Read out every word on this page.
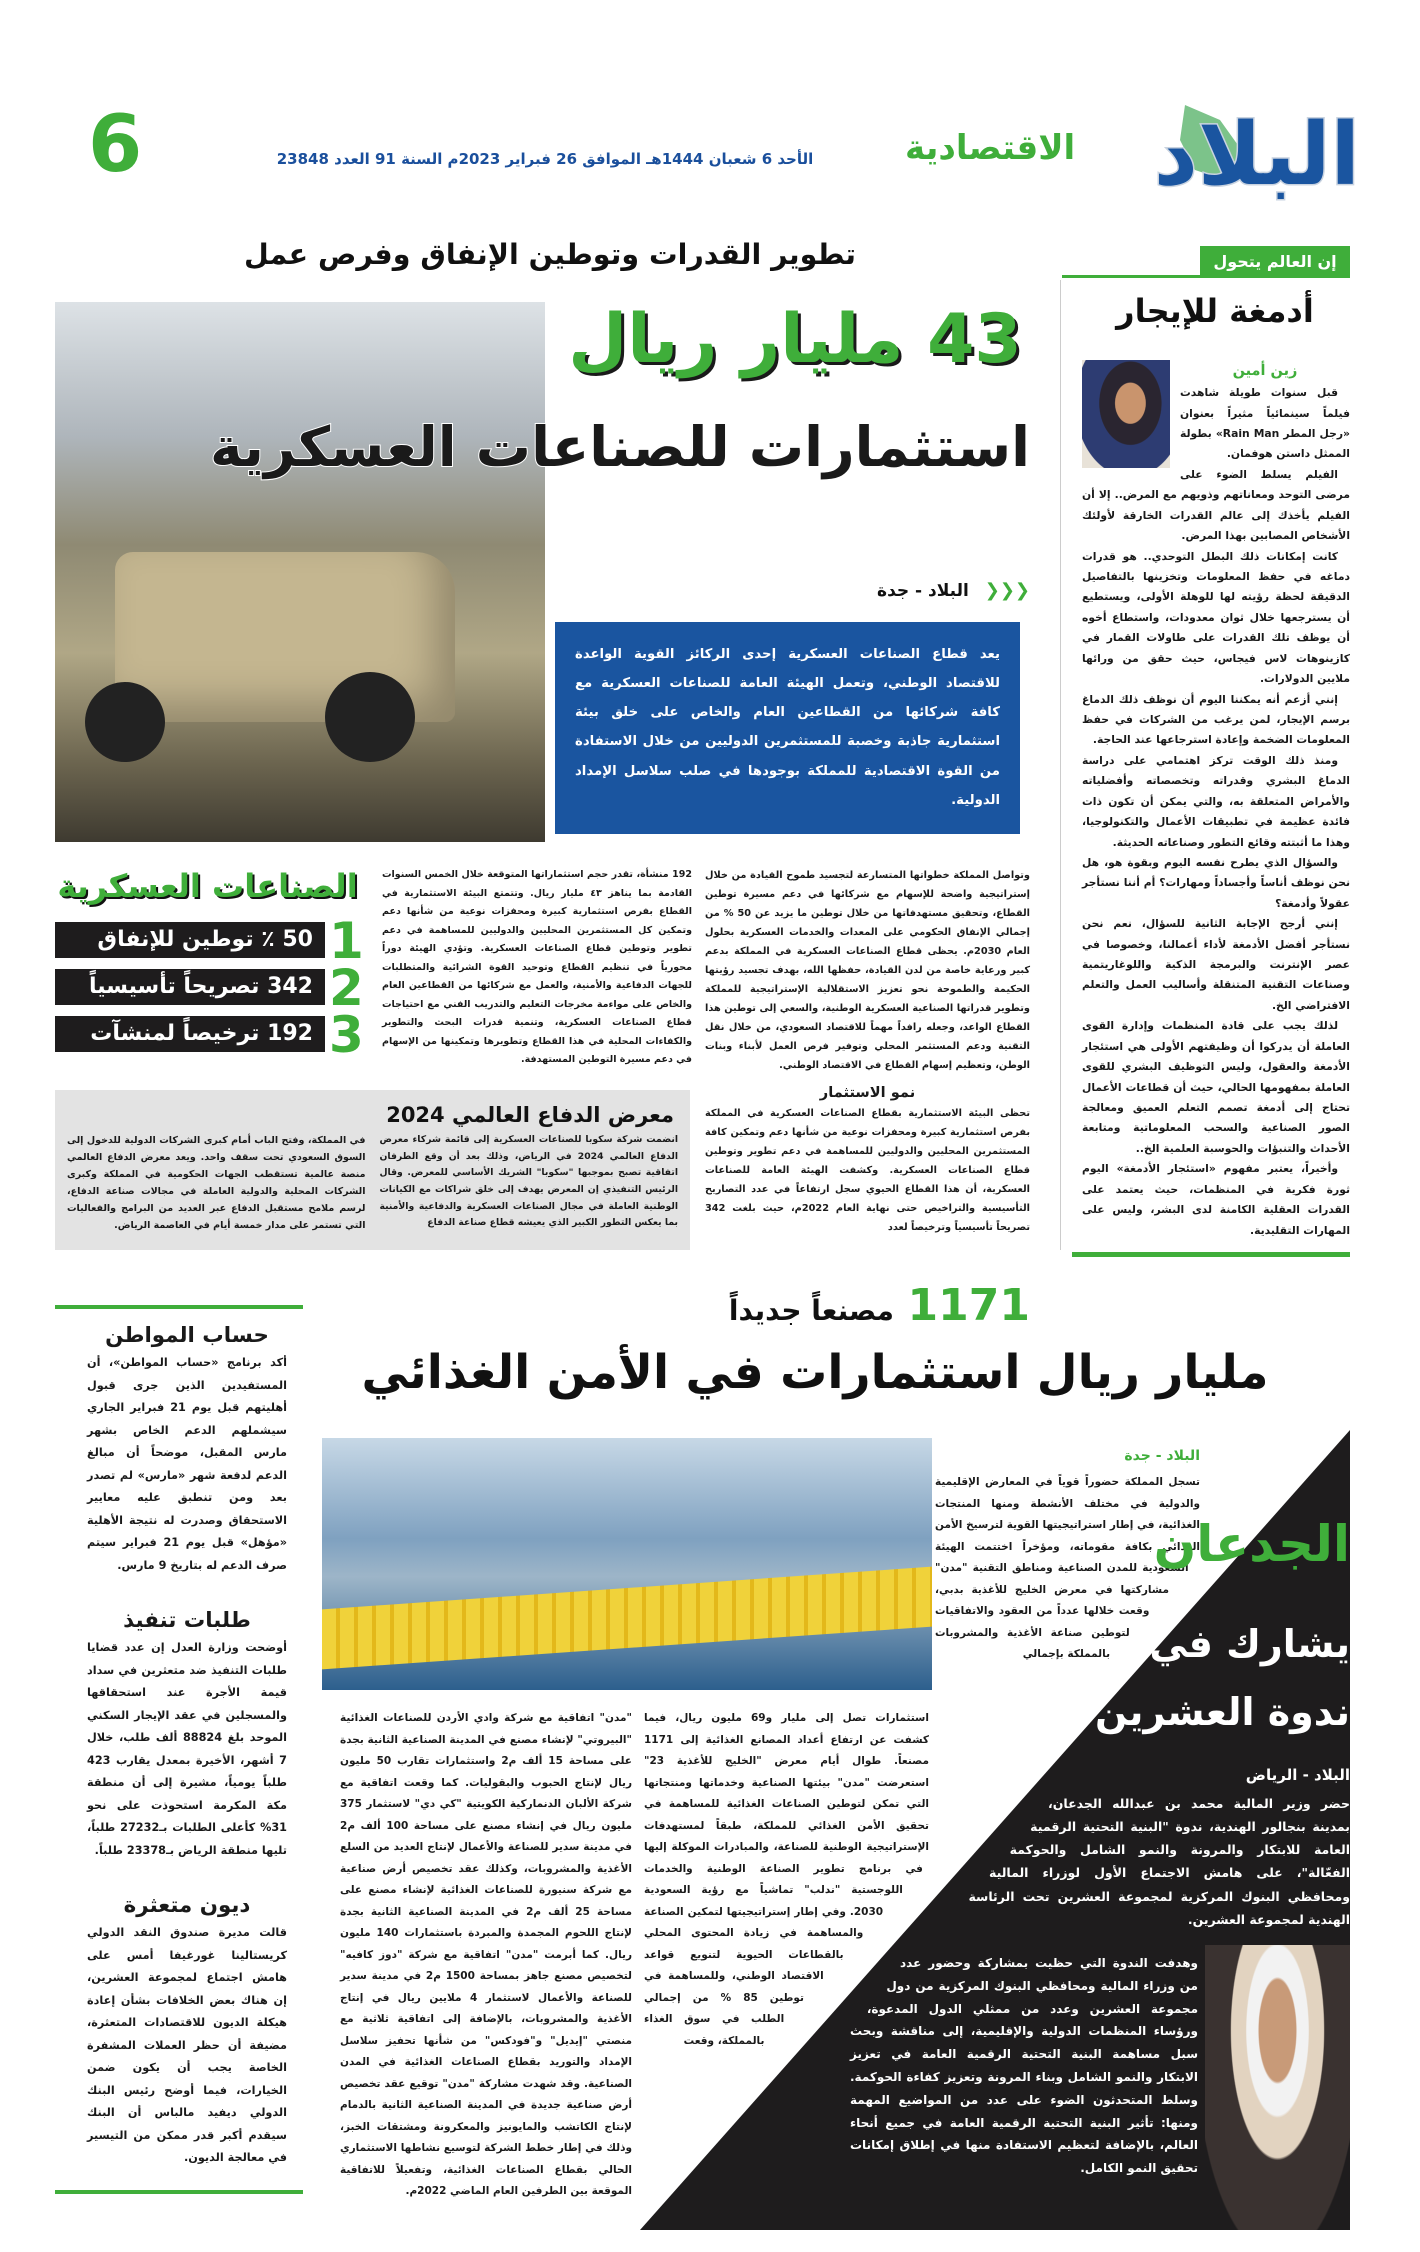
البلاد
الاقتصادية
الأحد 6 شعبان 1444هـ الموافق 26 فبراير 2023م السنة 91 العدد 23848
6
إن العالم يتحول
أدمغة للإيجار

زين أمين

قبل سنوات طويلة شاهدت فيلماً سينمائياً مثيراً بعنوان «رجل المطر Rain Man» بطولة الممثل داستن هوفمان.

الفيلم يسلط الضوء على مرضى التوحد ومعاناتهم وذويهم مع المرض.. إلا أن الفيلم يأخذك إلى عالم القدرات الخارقة لأولئك الأشخاص المصابين بهذا المرض.

كانت إمكانات ذلك البطل التوحدي.. هو قدرات دماغه في حفظ المعلومات وتخزينها بالتفاصيل الدقيقة لحظة رؤيته لها للوهلة الأولى، ويستطيع أن يسترجعها خلال ثوان معدودات، واستطاع أخوه أن يوظف تلك القدرات على طاولات القمار في كازينوهات لاس فيجاس، حيث حقق من ورائها ملايين الدولارات.

إنني أزعم أنه يمكننا اليوم أن نوظف ذلك الدماغ برسم الإيجار، لمن يرغب من الشركات في حفظ المعلومات الضخمة وإعادة استرجاعها عند الحاجة.

ومنذ ذلك الوقت تركز اهتمامي على دراسة الدماغ البشري وقدراته وتخصصاته وأفضلياته والأمراض المتعلقة به، والتي يمكن أن تكون ذات فائدة عظيمة في تطبيقات الأعمال والتكنولوجيا، وهذا ما أثبتته وقائع التطور وصناعاته الحديثة.

والسؤال الذي يطرح نفسه اليوم وبقوة هو، هل نحن نوظف أناساً وأجساداً ومهارات؟ أم أننا نستأجر عقولاً وأدمغة؟

إنني أرجح الإجابة الثانية للسؤال، نعم نحن نستأجر أفضل الأدمغة لأداء أعمالنا، وخصوصا في عصر الإنترنت والبرمجة الذكية واللوغاريتمية وصناعات التقنية المتنقلة وأساليب العمل والتعلم الافتراضي الخ.

لذلك يجب على قادة المنظمات وإدارة القوى العاملة أن يدركوا أن وظيفتهم الأولى هي استئجار الأدمغة والعقول، وليس التوظيف البشري للقوى العاملة بمفهومها الحالي، حيث أن قطاعات الأعمال تحتاج إلى أدمغة تصمم التعلم العميق ومعالجة الصور الصناعية والسحب المعلوماتية ومتابعة الأحداث والتنبؤات والحوسبة العلمية الخ..

وأخيراً، يعتبر مفهوم «استئجار الأدمغة» اليوم ثورة فكرية في المنظمات، حيث يعتمد على القدرات العقلية الكامنة لدى البشر، وليس على المهارات التقليدية.

تطوير القدرات وتوطين الإنفاق وفرص عمل
43 مليار ريال
استثمارات للصناعات العسكرية
❮❮❮ البلاد - جدة

يعد قطاع الصناعات العسكرية إحدى الركائز القوية الواعدة للاقتصاد الوطني، وتعمل الهيئة العامة للصناعات العسكرية مع كافة شركائها من القطاعين العام والخاص على خلق بيئة استثمارية جاذبة وخصبة للمستثمرين الدوليين من خلال الاستفادة من القوة الاقتصادية للمملكة بوجودها في صلب سلاسل الإمداد الدولية.

الصناعات العسكرية
50 ٪ توطين للإنفاق	1
342 تصريحاً تأسيسياً	2
192 ترخيصاً لمنشآت	3

192 منشأة، تقدر حجم استثماراتها المتوقعة خلال الخمس السنوات القادمة بما يناهز ٤٣ مليار ريال. وتتمتع البيئة الاستثمارية في القطاع بفرص استثمارية كبيرة ومحفزات نوعية من شأنها دعم وتمكين كل المستثمرين المحليين والدوليين للمساهمة في دعم تطوير وتوطين قطاع الصناعات العسكرية. وتؤدي الهيئة دوراً محورياً في تنظيم القطاع وتوحيد القوة الشرائية والمتطلبات للجهات الدفاعية والأمنية، والعمل مع شركائها من القطاعين العام والخاص على مواءمة مخرجات التعليم والتدريب الفني مع احتياجات قطاع الصناعات العسكرية، وتنمية قدرات البحث والتطوير والكفاءات المحلية في هذا القطاع وتطويرها وتمكينها من الإسهام في دعم مسيرة التوطين المستهدفة.

وتواصل المملكة خطواتها المتسارعة لتجسيد طموح القيادة من خلال إستراتيجية واضحة للإسهام مع شركائها في دعم مسيرة توطين القطاع، وتحقيق مستهدفاتها من خلال توطين ما يزيد عن 50 % من إجمالي الإنفاق الحكومي على المعدات والخدمات العسكرية بحلول العام 2030م. يحظى قطاع الصناعات العسكرية في المملكة بدعم كبير ورعاية خاصة من لدن القيادة، حفظها الله، بهدف تجسيد رؤيتها الحكيمة والطموحة نحو تعزيز الاستقلالية الإستراتيجية للمملكة وتطوير قدراتها الصناعية العسكرية الوطنية، والسعي إلى توطين هذا القطاع الواعد، وجعله رافداً مهماً للاقتصاد السعودي، من خلال نقل التقنية ودعم المستثمر المحلي وتوفير فرص العمل لأبناء وبنات الوطن، وتعظيم إسهام القطاع في الاقتصاد الوطني.

نمو الاستثمار

تحظى البيئة الاستثمارية بقطاع الصناعات العسكرية في المملكة بفرص استثمارية كبيرة ومحفزات نوعية من شأنها دعم وتمكين كافة المستثمرين المحليين والدوليين للمساهمة في دعم تطوير وتوطين قطاع الصناعات العسكرية. وكشفت الهيئة العامة للصناعات العسكرية، أن هذا القطاع الحيوي سجل ارتفاعاً في عدد التصاريح التأسيسية والتراخيص حتى نهاية العام 2022م، حيث بلغت 342 تصريحاً تأسيسياً وترخيصاً لعدد

معرض الدفاع العالمي 2024

انضمت شركة سكوبا للصناعات العسكرية إلى قائمة شركاء معرض الدفاع العالمي 2024 في الرياض، وذلك بعد أن وقع الطرفان اتفاقية تصبح بموجبها "سكوبا" الشريك الأساسي للمعرض. وقال الرئيس التنفيذي إن المعرض يهدف إلى خلق شراكات مع الكيانات الوطنية العاملة في مجال الصناعات العسكرية والدفاعية والأمنية بما يعكس التطور الكبير الذي يعيشه قطاع صناعة الدفاع

في المملكة، وفتح الباب أمام كبرى الشركات الدولية للدخول إلى السوق السعودي تحت سقف واحد. ويعد معرض الدفاع العالمي منصة عالمية تستقطب الجهات الحكومية في المملكة وكبرى الشركات المحلية والدولية العاملة في مجالات صناعة الدفاع، لرسم ملامح مستقبل الدفاع عبر العديد من البرامج والفعاليات التي تستمر على مدار خمسة أيام في العاصمة الرياض.

حساب المواطن

أكد برنامج «حساب المواطن»، أن المستفيدين الذين جرى قبول أهليتهم قبل يوم 21 فبراير الجاري سيشملهم الدعم الخاص بشهر مارس المقبل، موضحاً أن مبالغ الدعم لدفعة شهر «مارس» لم تصدر بعد ومن تنطبق عليه معايير الاستحقاق وصدرت له نتيجة الأهلية «مؤهل» قبل يوم 21 فبراير سيتم صرف الدعم له بتاريخ 9 مارس.

طلبات تنفيذ

أوضحت وزارة العدل إن عدد قضايا طلبات التنفيذ ضد متعثرين في سداد قيمة الأجرة عند استحقاقها والمسجلين في عقد الإيجار السكني الموحد بلغ 88824 ألف طلب، خلال 7 أشهر، الأخيرة بمعدل يقارب 423 طلباً يومياً، مشيرة إلى أن منطقة مكة المكرمة استحوذت على نحو 31% كأعلى الطلبات بـ27232 طلباً، تليها منطقة الرياض بـ23378 طلباً.

ديون متعثرة

قالت مديرة صندوق النقد الدولي كريستالينا غورغيفا أمس على هامش اجتماع لمجموعة العشرين، إن هناك بعض الخلافات بشأن إعادة هيكلة الديون للاقتصادات المتعثرة، مضيفة أن حظر العملات المشفرة الخاصة يجب أن يكون ضمن الخيارات، فيما أوضح رئيس البنك الدولي ديفيد مالباس أن البنك سيقدم أكبر قدر ممكن من التيسير في معالجة الديون.

1171 مصنعاً جديداً
مليار ريال استثمارات في الأمن الغذائي

"مدن" اتفاقية مع شركة وادي الأردن للصناعات الغذائية "البيروتي" لإنشاء مصنع في المدينة الصناعية الثانية بجدة على مساحة 15 ألف م2 واستثمارات تقارب 50 مليون ريال لإنتاج الحبوب والبقوليات. كما وقعت اتفاقية مع شركة الألبان الدنماركية الكويتية "كي دي" لاستثمار 375 مليون ريال في إنشاء مصنع على مساحة 100 ألف م2 في مدينة سدير للصناعة والأعمال لإنتاج العديد من السلع الأغذية والمشروبات، وكذلك عقد تخصيص أرض صناعية مع شركة سنيورة للصناعات الغذائية لإنشاء مصنع على مساحة 25 ألف م2 في المدينة الصناعية الثانية بجدة لإنتاج اللحوم المجمدة والمبردة باستثمارات 140 مليون ريال. كما أبرمت "مدن" اتفاقية مع شركة "دوز كافيه" لتخصيص مصنع جاهز بمساحة 1500 م2 في مدينة سدير للصناعة والأعمال لاستثمار 4 ملايين ريال في إنتاج الأغذية والمشروبات، بالإضافة إلى اتفاقية ثلاثية مع منصتي "إيديل" و"فودكس" من شأنها تحفيز سلاسل الإمداد والتوريد بقطاع الصناعات الغذائية في المدن الصناعية. وقد شهدت مشاركة "مدن" توقيع عقد تخصيص أرض صناعية جديدة في المدينة الصناعية الثانية بالدمام لإنتاج الكاتشب والمايونيز والمعكرونة ومشتقات الخبز، وذلك في إطار خطط الشركة لتوسيع نشاطها الاستثماري الحالي بقطاع الصناعات الغذائية، وتفعيلاً للاتفاقية الموقعة بين الطرفين العام الماضي 2022م.

استثمارات تصل إلى مليار و69 مليون ريال، فيما كشفت عن ارتفاع أعداد المصانع الغذائية إلى 1171 مصنعاً. طوال أيام معرض "الخليج للأغذية 23" استعرضت "مدن" بيئتها الصناعية وخدماتها ومنتجاتها التي تمكن لتوطين الصناعات الغذائية للمساهمة في تحقيق الأمن الغذائي للمملكة، طبقاً لمستهدفات الإستراتيجية الوطنية للصناعة، والمبادرات الموكلة إليها في برنامج تطوير الصناعة الوطنية والخدمات اللوجستية "ندلب" تماشياً مع رؤية السعودية 2030. وفي إطار إستراتيجيتها لتمكين الصناعة والمساهمة في زيادة المحتوى المحلي بالقطاعات الحيوية لتنويع قواعد الاقتصاد الوطني، وللمساهمة في توطين 85 % من إجمالي الطلب في سوق الغذاء بالمملكة، وقعت

البلاد - جدة

تسجل المملكة حضوراً قوياً في المعارض الإقليمية والدولية في مختلف الأنشطة ومنها المنتجات الغذائية، في إطار استراتيجيتها القوية لترسيخ الأمن الغذائي بكافة مقوماته، ومؤخراً اختتمت الهيئة السعودية للمدن الصناعية ومناطق التقنية "مدن" مشاركتها في معرض الخليج للأغذية بدبي، وقعت خلالها عدداً من العقود والاتفاقيات لتوطين صناعة الأغذية والمشروبات بالمملكة بإجمالي

الجدعان
يشارك في
ندوة العشرين
البلاد - الرياض

حضر وزير المالية محمد بن عبدالله الجدعان، بمدينة بنجالور الهندية، ندوة "البنية التحتية الرقمية العامة للابتكار والمرونة والنمو الشامل والحوكمة الفعّالة"، على هامش الاجتماع الأول لوزراء المالية ومحافظي البنوك المركزية لمجموعة العشرين تحت الرئاسة الهندية لمجموعة العشرين.

وهدفت الندوة التي حظيت بمشاركة وحضور عدد من وزراء المالية ومحافظي البنوك المركزية من دول مجموعة العشرين وعدد من ممثلي الدول المدعوة، ورؤساء المنظمات الدولية والإقليمية، إلى مناقشة وبحث سبل مساهمة البنية التحتية الرقمية العامة في تعزيز الابتكار والنمو الشامل وبناء المرونة وتعزيز كفاءة الحوكمة. وسلط المتحدثون الضوء على عدد من المواضيع المهمة ومنها: تأثير البنية التحتية الرقمية العامة في جميع أنحاء العالم، بالإضافة لتعظيم الاستفادة منها في إطلاق إمكانات تحقيق النمو الكامل.
